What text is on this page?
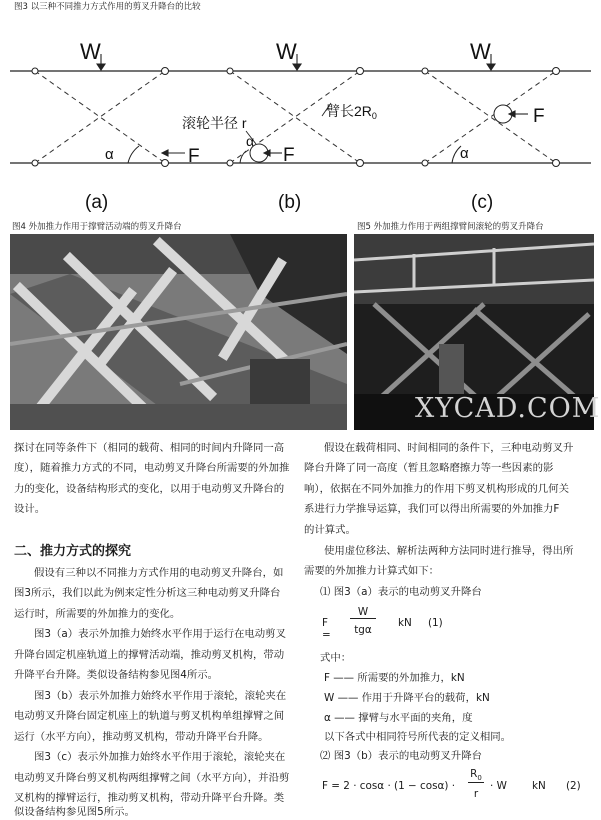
图3 以三种不同推力方式作用的剪叉升降台的比较
W
α	F
(a)
W
滚轮半径 r
臂长$2R_0$
α
F
(b)
W
F
α
(c)
图4 外加推力作用于撑臂活动端的剪叉升降台	图5 外加推力作用于两组撑臂间滚轮的剪叉升降台
XYCAD.COM
探讨在同等条件下（相同的载荷、相同的时间内升降同一高
度），随着推力方式的不同，电动剪叉升降台所需要的外加推
力的变化，设备结构形式的变化，以用于电动剪叉升降台的
设计。
二、推力方式的探究
假设有三种以不同推力方式作用的电动剪叉升降台，如
图3所示，我们以此为例来定性分析这三种电动剪叉升降台
运行时，所需要的外加推力的变化。
图3（a）表示外加推力始终水平作用于运行在电动剪叉
升降台固定机座轨道上的撑臂活动端，推动剪叉机构，带动
升降平台升降。类似设备结构参见图4所示。
图3（b）表示外加推力始终水平作用于滚轮，滚轮夹在
电动剪叉升降台固定机座上的轨道与剪叉机构单组撑臂之间
运行（水平方向），推动剪叉机构，带动升降平台升降。
图3（c）表示外加推力始终水平作用于滚轮，滚轮夹在
电动剪叉升降台剪叉机构两组撑臂之间（水平方向），并沿剪
叉机构的撑臂运行，推动剪叉机构，带动升降平台升降。类
似设备结构参见图5所示。
假设在载荷相同、时间相同的条件下，三种电动剪叉升
降台升降了同一高度（暂且忽略磨擦力等一些因素的影
响），依据在不同外加推力的作用下剪叉机构形成的几何关
系进行力学推导运算，我们可以得出所需要的外加推力F
的计算式。
使用虚位移法、解析法两种方法同时进行推导，得出所
需要的外加推力计算式如下：
⑴ 图3（a）表示的电动剪叉升降台
F =
W
tgα
kN (1)
式中：
F —— 所需要的外加推力，kN
W —— 作用于升降平台的载荷，kN
α —— 撑臂与水平面的夹角，度
以下各式中相同符号所代表的定义相同。
⑵ 图3（b）表示的电动剪叉升降台
F = 2 · cosα · (1 − cosα) ·
$R_0$
r
· W kN (2)
